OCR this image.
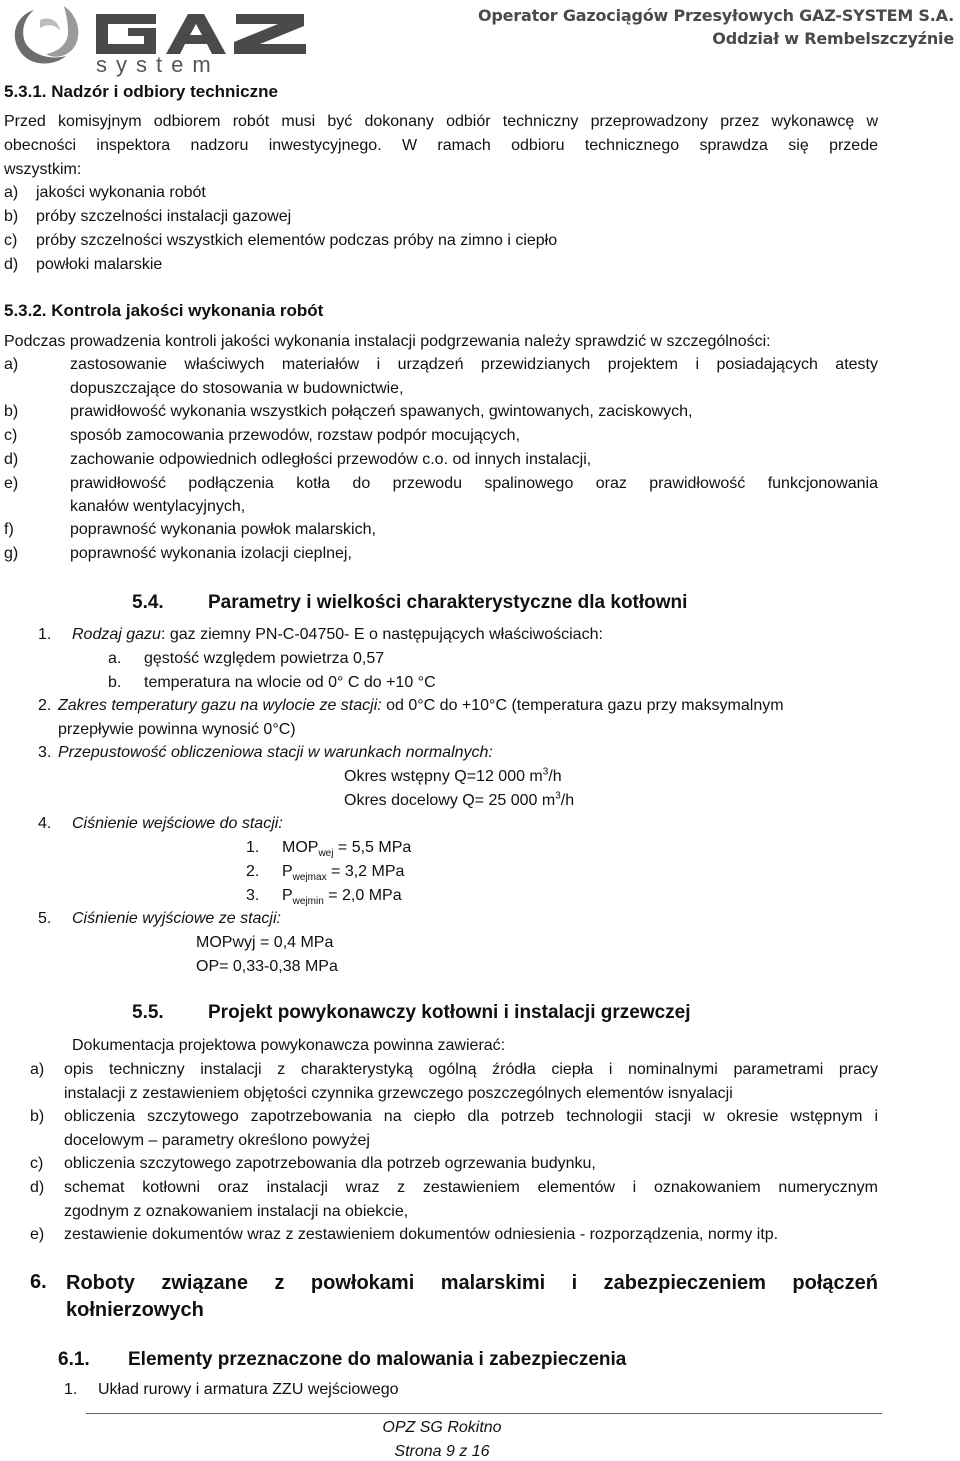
system
Operator Gazociągów Przesyłowych GAZ-SYSTEM S.A.
Oddział w Rembelszczyźnie
5.3.1. Nadzór i odbiory techniczne
Przed komisyjnym odbiorem robót musi być dokonany odbiór techniczny przeprowadzony przez wykonawcę w
obecności inspektora nadzoru inwestycyjnego. W ramach odbioru technicznego sprawdza się przede
wszystkim:
a) jakości wykonania robót
b) próby szczelności instalacji gazowej
c) próby szczelności wszystkich elementów podczas próby na zimno i ciepło
d) powłoki malarskie
5.3.2. Kontrola jakości wykonania robót
Podczas prowadzenia kontroli jakości wykonania instalacji podgrzewania należy sprawdzić w szczególności:
a)	zastosowanie właściwych materiałów i urządzeń przewidzianych projektem i posiadających atesty
dopuszczające do stosowania w budownictwie,
b)	prawidłowość wykonania wszystkich połączeń spawanych, gwintowanych, zaciskowych,
c)	sposób zamocowania przewodów, rozstaw podpór mocujących,
d)	zachowanie odpowiednich odległości przewodów c.o. od innych instalacji,
e)	prawidłowość podłączenia kotła do przewodu spalinowego oraz prawidłowość funkcjonowania
kanałów wentylacyjnych,
f)	poprawność wykonania powłok malarskich,
g)	poprawność wykonania izolacji cieplnej,
5.4. Parametry i wielkości charakterystyczne dla kotłowni
1. Rodzaj gazu: gaz ziemny PN-C-04750- E o następujących właściwościach:
a. gęstość względem powietrza 0,57
b. temperatura na wlocie od 0° C do +10 °C
2. Zakres temperatury gazu na wylocie ze stacji: od 0°C do +10°C (temperatura gazu przy maksymalnym
przepływie powinna wynosić 0°C)
3. Przepustowość obliczeniowa stacji w warunkach normalnych:
Okres wstępny Q=12 000 $m^3/h$
Okres docelowy Q= 25 000 $m^3/h$
4. Ciśnienie wejściowe do stacji:
1. $MOP_{wej} = 5,5$ MPa
2. $P_{wejmax} = 3,2$ MPa
3. $P_{wejmin} = 2,0$ MPa
5. Ciśnienie wyjściowe ze stacji:
MOPwyj = 0,4 MPa
OP= 0,33-0,38 MPa
5.5. Projekt powykonawczy kotłowni i instalacji grzewczej
Dokumentacja projektowa powykonawcza powinna zawierać:
a) opis techniczny instalacji z charakterystyką ogólną źródła ciepła i nominalnymi parametrami pracy
instalacji z zestawieniem objętości czynnika grzewczego poszczególnych elementów isnyalacji
b) obliczenia szczytowego zapotrzebowania na ciepło dla potrzeb technologii stacji w okresie wstępnym i
docelowym – parametry określono powyżej
c) obliczenia szczytowego zapotrzebowania dla potrzeb ogrzewania budynku,
d) schemat kotłowni oraz instalacji wraz z zestawieniem elementów i oznakowaniem numerycznym
zgodnym z oznakowaniem instalacji na obiekcie,
e) zestawienie dokumentów wraz z zestawieniem dokumentów odniesienia - rozporządzenia, normy itp.
6. Roboty związane z powłokami malarskimi i zabezpieczeniem połączeń
kołnierzowych
6.1. Elementy przeznaczone do malowania i zabezpieczenia
1. Układ rurowy i armatura ZZU wejściowego
OPZ SG Rokitno
Strona 9 z 16
